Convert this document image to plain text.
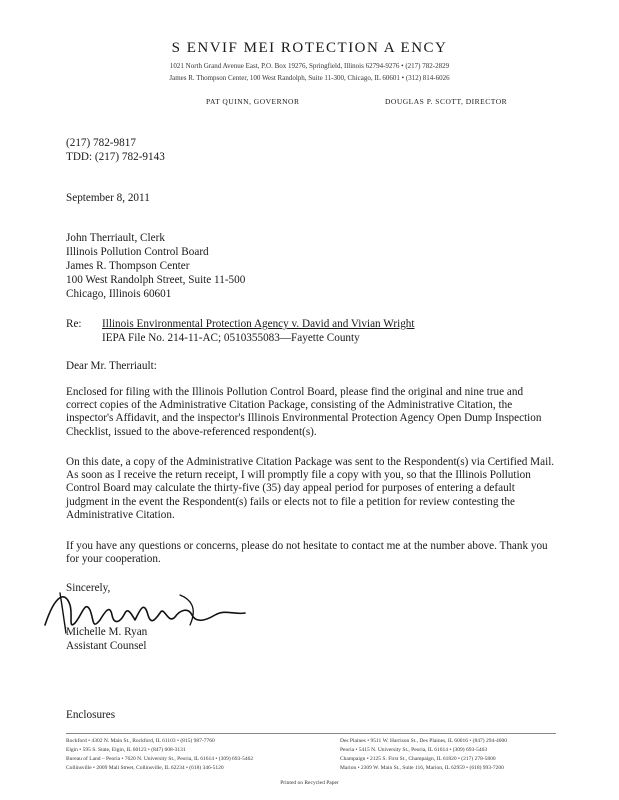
S ENVIF MEI ROTECTION A ENCY
1021 North Grand Avenue East, P.O. Box 19276, Springfield, Illinois 62794-9276 • (217) 782-2829
James R. Thompson Center, 100 West Randolph, Suite 11-300, Chicago, IL 60601 • (312) 814-6026
PAT QUINN, GOVERNOR	DOUGLAS P. SCOTT, DIRECTOR
(217) 782-9817
TDD: (217) 782-9143
September 8, 2011
John Therriault, Clerk
Illinois Pollution Control Board
James R. Thompson Center
100 West Randolph Street, Suite 11-500
Chicago, Illinois 60601
Re: Illinois Environmental Protection Agency v. David and Vivian Wright
IEPA File No. 214-11-AC; 0510355083—Fayette County
Dear Mr. Therriault:
Enclosed for filing with the Illinois Pollution Control Board, please find the original and nine true and correct copies of the Administrative Citation Package, consisting of the Administrative Citation, the inspector's Affidavit, and the inspector's Illinois Environmental Protection Agency Open Dump Inspection Checklist, issued to the above-referenced respondent(s).
On this date, a copy of the Administrative Citation Package was sent to the Respondent(s) via Certified Mail. As soon as I receive the return receipt, I will promptly file a copy with you, so that the Illinois Pollution Control Board may calculate the thirty-five (35) day appeal period for purposes of entering a default judgment in the event the Respondent(s) fails or elects not to file a petition for review contesting the Administrative Citation.
If you have any questions or concerns, please do not hesitate to contact me at the number above. Thank you for your cooperation.
Sincerely,
Michelle M. Ryan
Assistant Counsel
Enclosures
Rockford • 4302 N. Main St., Rockford, IL 61103 • (815) 987-7760
Elgin • 595 S. State, Elgin, IL 60123 • (847) 608-3131
Bureau of Land – Peoria • 7620 N. University St., Peoria, IL 61614 • (309) 693-5462
Collinsville • 2009 Mall Street, Collinsville, IL 62234 • (618) 346-5120
Des Plaines • 9511 W. Harrison St., Des Plaines, IL 60016 • (847) 294-4000
Peoria • 5415 N. University St., Peoria, IL 61614 • (309) 693-5463
Champaign • 2125 S. First St., Champaign, IL 61820 • (217) 278-5800
Marion • 2309 W. Main St., Suite 116, Marion, IL 62959 • (618) 993-7200
Printed on Recycled Paper
